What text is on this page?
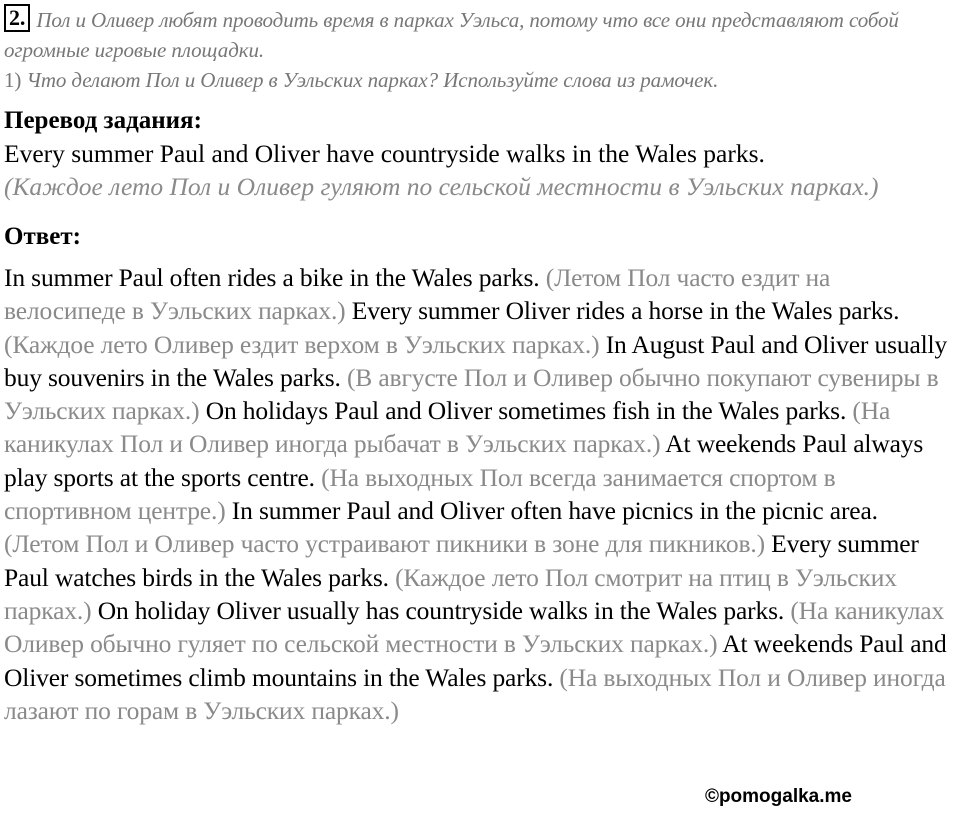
2. Пол и Оливер любят проводить время в парках Уэльса, потому что все они представляют собой огромные игровые площадки.
1) Что делают Пол и Оливер в Уэльских парках? Используйте слова из рамочек.
Перевод задания:
Every summer Paul and Oliver have countryside walks in the Wales parks.
(Каждое лето Пол и Оливер гуляют по сельской местности в Уэльских парках.)
Ответ:
In summer Paul often rides a bike in the Wales parks. (Летом Пол часто ездит на велосипеде в Уэльских парках.) Every summer Oliver rides a horse in the Wales parks. (Каждое лето Оливер ездит верхом в Уэльских парках.) In August Paul and Oliver usually buy souvenirs in the Wales parks. (В августе Пол и Оливер обычно покупают сувениры в Уэльских парках.) On holidays Paul and Oliver sometimes fish in the Wales parks. (На каникулах Пол и Оливер иногда рыбачат в Уэльских парках.) At weekends Paul always play sports at the sports centre. (На выходных Пол всегда занимается спортом в спортивном центре.) In summer Paul and Oliver often have picnics in the picnic area. (Летом Пол и Оливер часто устраивают пикники в зоне для пикников.) Every summer Paul watches birds in the Wales parks. (Каждое лето Пол смотрит на птиц в Уэльских парках.) On holiday Oliver usually has countryside walks in the Wales parks. (На каникулах Оливер обычно гуляет по сельской местности в Уэльских парках.) At weekends Paul and Oliver sometimes climb mountains in the Wales parks. (На выходных Пол и Оливер иногда лазают по горам в Уэльских парках.)
©pomogalka.me
